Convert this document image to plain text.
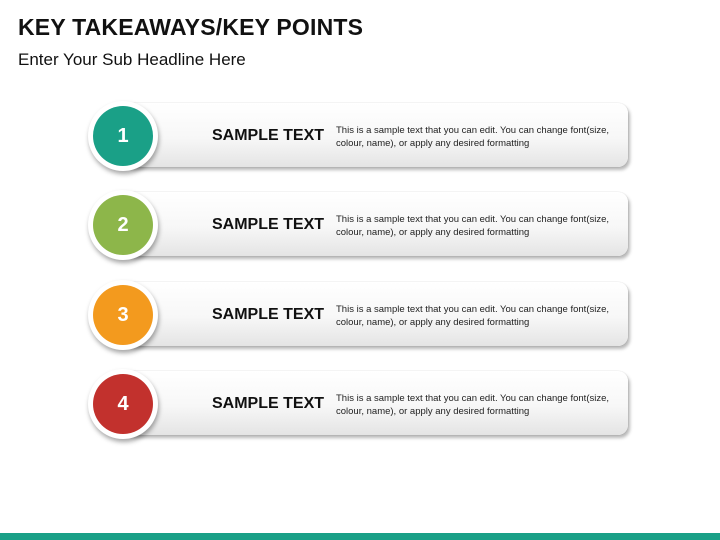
KEY TAKEAWAYS/KEY POINTS
Enter Your Sub Headline Here
SAMPLE TEXT This is a sample text that you can edit. You can change font(size, colour, name), or apply any desired formatting
1
SAMPLE TEXT This is a sample text that you can edit. You can change font(size, colour, name), or apply any desired formatting
2
SAMPLE TEXT This is a sample text that you can edit. You can change font(size, colour, name), or apply any desired formatting
3
SAMPLE TEXT This is a sample text that you can edit. You can change font(size, colour, name), or apply any desired formatting
4
